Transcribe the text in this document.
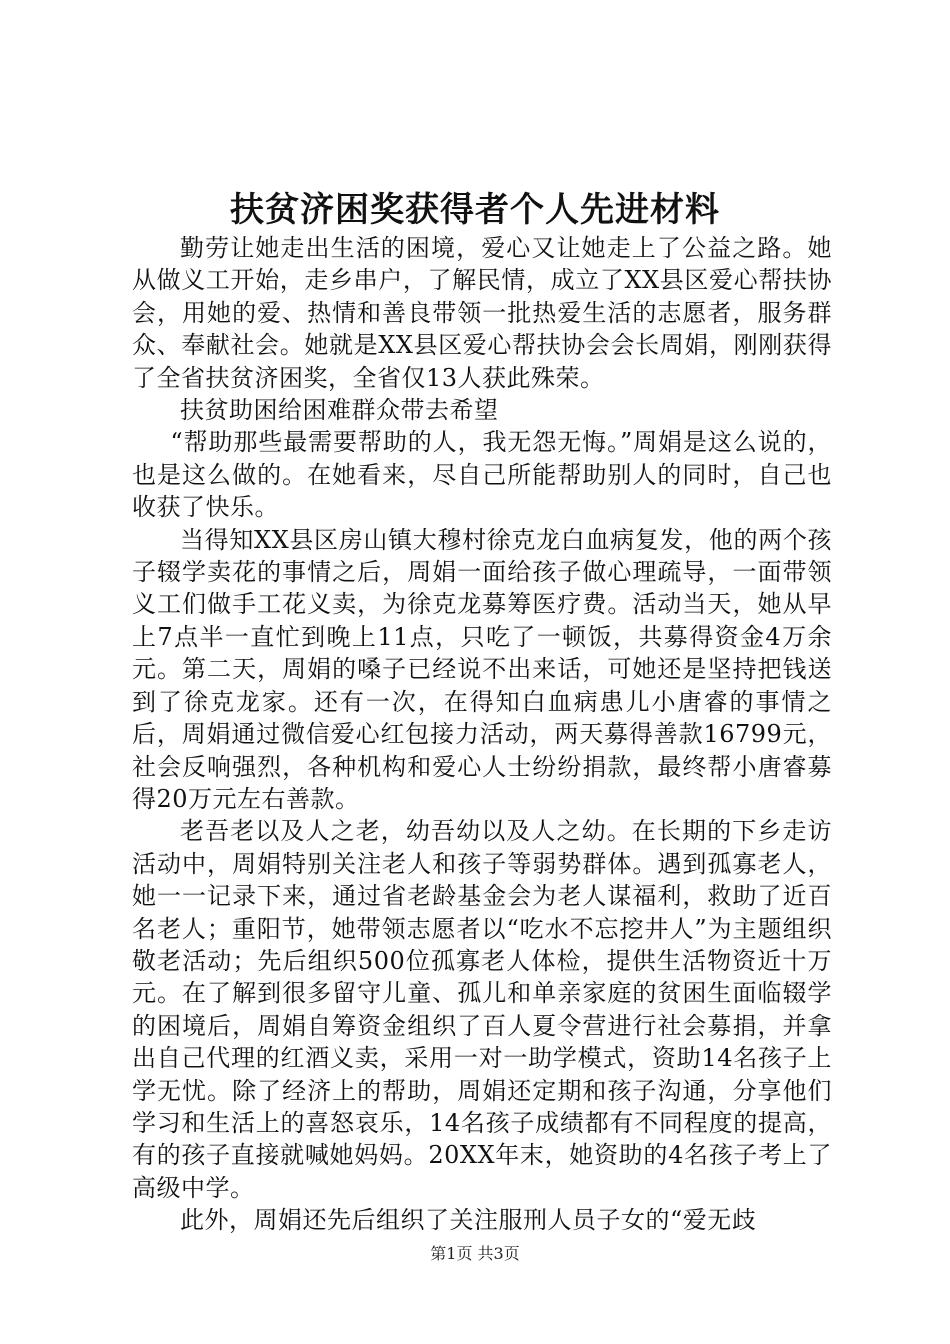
扶贫济困奖获得者个人先进材料

勤劳让她走出生活的困境，爱心又让她走上了公益之路。她从做义工开始，走乡串户，了解民情，成立了XX县区爱心帮扶协会，用她的爱、热情和善良带领一批热爱生活的志愿者，服务群众、奉献社会。她就是XX县区爱心帮扶协会会长周娟，刚刚获得了全省扶贫济困奖，全省仅13人获此殊荣。

扶贫助困给困难群众带去希望

“帮助那些最需要帮助的人，我无怨无悔。”周娟是这么说的，也是这么做的。在她看来，尽自己所能帮助别人的同时，自己也收获了快乐。

当得知XX县区房山镇大穆村徐克龙白血病复发，他的两个孩子辍学卖花的事情之后，周娟一面给孩子做心理疏导，一面带领义工们做手工花义卖，为徐克龙募筹医疗费。活动当天，她从早上7点半一直忙到晚上11点，只吃了一顿饭，共募得资金4万余元。第二天，周娟的嗓子已经说不出来话，可她还是坚持把钱送到了徐克龙家。还有一次，在得知白血病患儿小唐睿的事情之后，周娟通过微信爱心红包接力活动，两天募得善款16799元，社会反响强烈，各种机构和爱心人士纷纷捐款，最终帮小唐睿募得20万元左右善款。

老吾老以及人之老，幼吾幼以及人之幼。在长期的下乡走访活动中，周娟特别关注老人和孩子等弱势群体。遇到孤寡老人，她一一记录下来，通过省老龄基金会为老人谋福利，救助了近百名老人；重阳节，她带领志愿者以“吃水不忘挖井人”为主题组织敬老活动；先后组织500位孤寡老人体检，提供生活物资近十万元。在了解到很多留守儿童、孤儿和单亲家庭的贫困生面临辍学的困境后，周娟自筹资金组织了百人夏令营进行社会募捐，并拿出自己代理的红酒义卖，采用一对一助学模式，资助14名孩子上学无忧。除了经济上的帮助，周娟还定期和孩子沟通，分享他们学习和生活上的喜怒哀乐，14名孩子成绩都有不同程度的提高，有的孩子直接就喊她妈妈。20XX年末，她资助的4名孩子考上了高级中学。

此外，周娟还先后组织了关注服刑人员子女的“爱无歧

第1页 共3页
